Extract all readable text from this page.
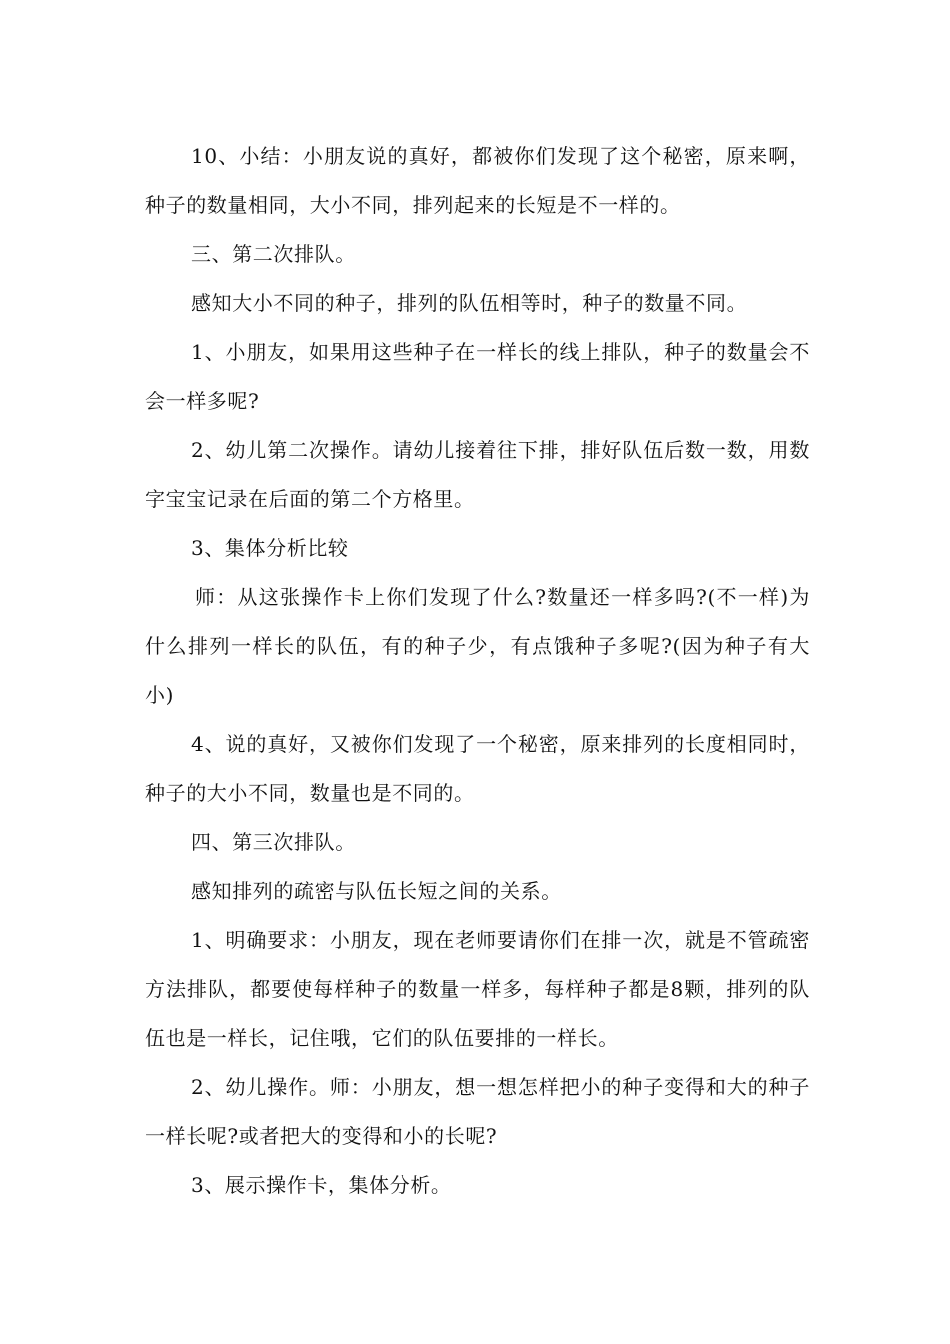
10、小结：小朋友说的真好，都被你们发现了这个秘密，原来啊，种子的数量相同，大小不同，排列起来的长短是不一样的。

三、第二次排队。

感知大小不同的种子，排列的队伍相等时，种子的数量不同。

1、小朋友，如果用这些种子在一样长的线上排队，种子的数量会不会一样多呢?

2、幼儿第二次操作。请幼儿接着往下排，排好队伍后数一数，用数字宝宝记录在后面的第二个方格里。

3、集体分析比较

师：从这张操作卡上你们发现了什么?数量还一样多吗?(不一样)为什么排列一样长的队伍，有的种子少，有点饿种子多呢?(因为种子有大小)

4、说的真好，又被你们发现了一个秘密，原来排列的长度相同时，种子的大小不同，数量也是不同的。

四、第三次排队。

感知排列的疏密与队伍长短之间的关系。

1、明确要求：小朋友，现在老师要请你们在排一次，就是不管疏密方法排队，都要使每样种子的数量一样多，每样种子都是8颗，排列的队伍也是一样长，记住哦，它们的队伍要排的一样长。

2、幼儿操作。师：小朋友，想一想怎样把小的种子变得和大的种子一样长呢?或者把大的变得和小的长呢?

3、展示操作卡，集体分析。
